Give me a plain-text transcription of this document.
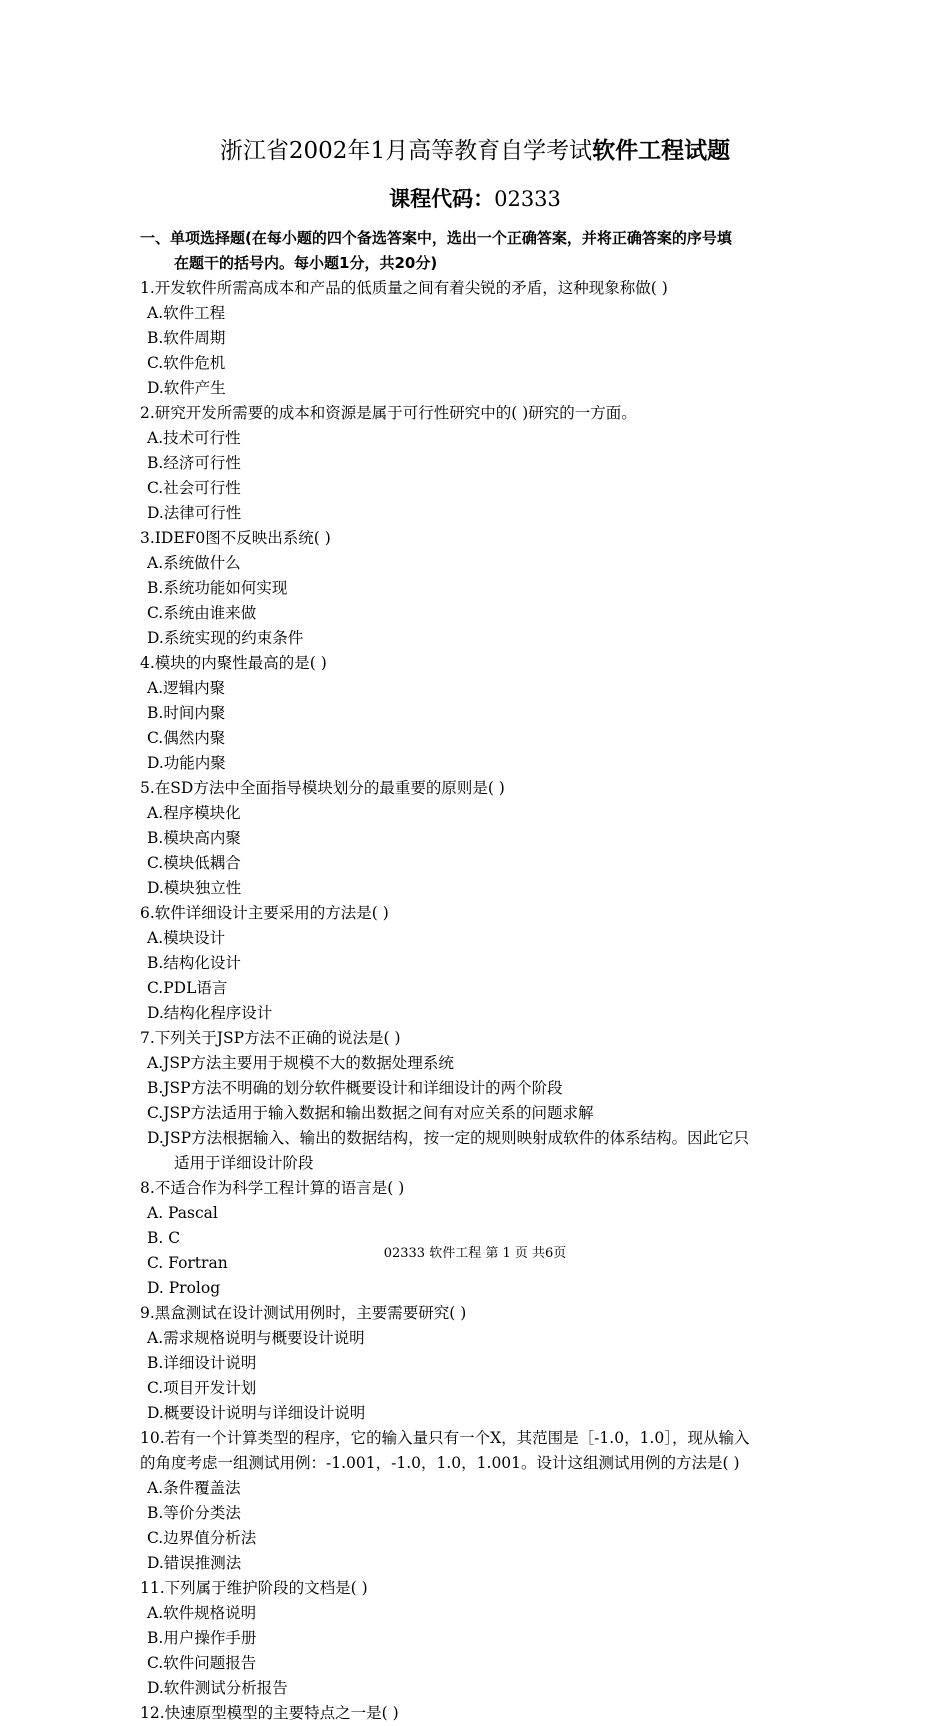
浙江省2002年1月高等教育自学考试软件工程试题
课程代码：02333
一、单项选择题(在每小题的四个备选答案中，选出一个正确答案，并将正确答案的序号填
在题干的括号内。每小题1分，共20分)
1.开发软件所需高成本和产品的低质量之间有着尖锐的矛盾，这种现象称做( )
A.软件工程
B.软件周期
C.软件危机
D.软件产生
2.研究开发所需要的成本和资源是属于可行性研究中的( )研究的一方面。
A.技术可行性
B.经济可行性
C.社会可行性
D.法律可行性
3.IDEF0图不反映出系统( )
A.系统做什么
B.系统功能如何实现
C.系统由谁来做
D.系统实现的约束条件
4.模块的内聚性最高的是( )
A.逻辑内聚
B.时间内聚
C.偶然内聚
D.功能内聚
5.在SD方法中全面指导模块划分的最重要的原则是( )
A.程序模块化
B.模块高内聚
C.模块低耦合
D.模块独立性
6.软件详细设计主要采用的方法是( )
A.模块设计
B.结构化设计
C.PDL语言
D.结构化程序设计
7.下列关于JSP方法不正确的说法是( )
A.JSP方法主要用于规模不大的数据处理系统
B.JSP方法不明确的划分软件概要设计和详细设计的两个阶段
C.JSP方法适用于输入数据和输出数据之间有对应关系的问题求解
D.JSP方法根据输入、输出的数据结构，按一定的规则映射成软件的体系结构。因此它只
适用于详细设计阶段
8.不适合作为科学工程计算的语言是( )
A. Pascal
B. C
C. Fortran
D. Prolog
9.黑盒测试在设计测试用例时，主要需要研究( )
A.需求规格说明与概要设计说明
B.详细设计说明
C.项目开发计划
D.概要设计说明与详细设计说明
10.若有一个计算类型的程序，它的输入量只有一个X，其范围是［-1.0，1.0］，现从输入
的角度考虑一组测试用例：-1.001，-1.0，1.0，1.001。设计这组测试用例的方法是( )
A.条件覆盖法
B.等价分类法
C.边界值分析法
D.错误推测法
11.下列属于维护阶段的文档是( )
A.软件规格说明
B.用户操作手册
C.软件问题报告
D.软件测试分析报告
12.快速原型模型的主要特点之一是( )
02333 软件工程 第 1 页 共6页
